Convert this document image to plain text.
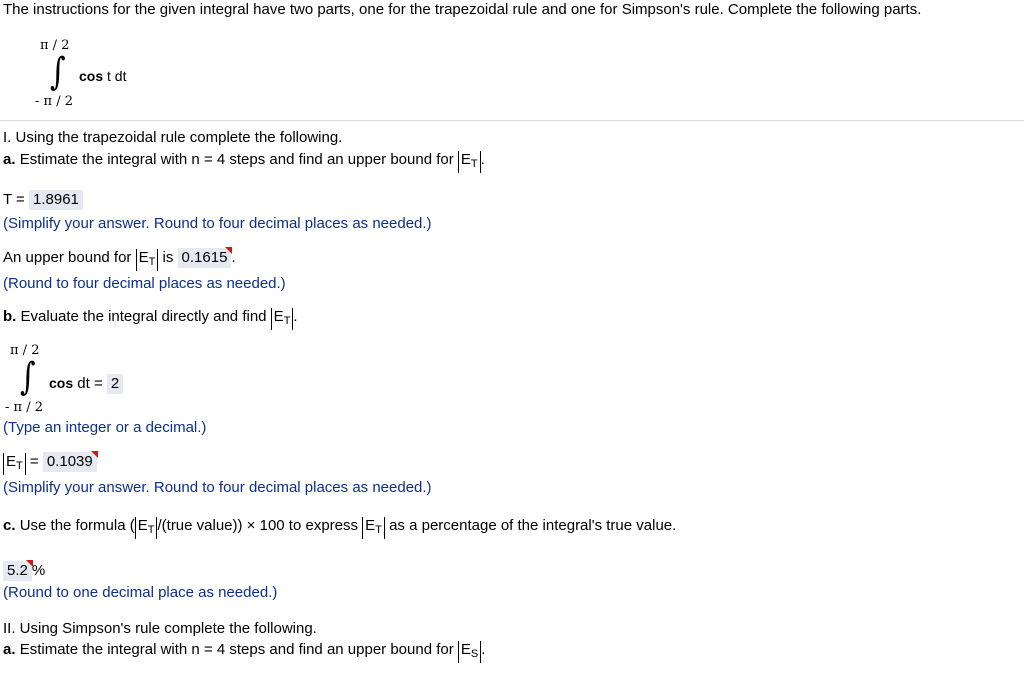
The instructions for the given integral have two parts, one for the trapezoidal rule and one for Simpson's rule. Complete the following parts.
π / 2
∫ cos t dt
- π / 2
I. Using the trapezoidal rule complete the following.
a. Estimate the integral with n = 4 steps and find an upper bound for $E_T$ .
T = 1.8961
(Simplify your answer. Round to four decimal places as needed.)
An upper bound for $E_T$ is 0.1615 .
(Round to four decimal places as needed.)
b. Evaluate the integral directly and find $E_T$ .
π / 2
∫ cos dt = 2
- π / 2
(Type an integer or a decimal.)
$E_T = 0.1039$
(Simplify your answer. Round to four decimal places as needed.)
c. Use the formula ( $E_T$ /(true value)) × 100 to express $E_T$ as a percentage of the integral's true value.
5.2 %
(Round to one decimal place as needed.)
II. Using Simpson's rule complete the following.
a. Estimate the integral with n = 4 steps and find an upper bound for $E_S$ .
